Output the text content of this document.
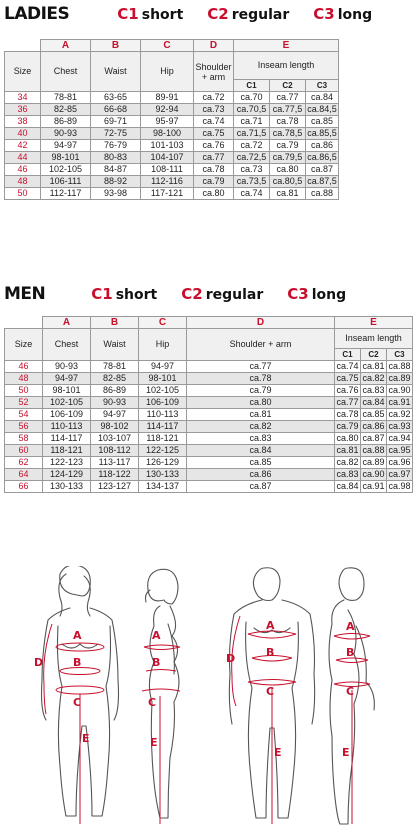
LADIES	C1 short C2 regular C3 long
	A	B	C	D	E		
Size	Chest	Waist	Hip	Shoulder + arm	Inseam length		
					C1	C2	C3
34	78-81	63-65	89-91	ca.72	ca.70	ca.77	ca.84
36	82-85	66-68	92-94	ca.73	ca.70,5	ca.77,5	ca.84,5
38	86-89	69-71	95-97	ca.74	ca.71	ca.78	ca.85
40	90-93	72-75	98-100	ca.75	ca.71,5	ca.78,5	ca.85,5
42	94-97	76-79	101-103	ca.76	ca.72	ca.79	ca.86
44	98-101	80-83	104-107	ca.77	ca.72,5	ca.79,5	ca.86,5
46	102-105	84-87	108-111	ca.78	ca.73	ca.80	ca.87
48	106-111	88-92	112-116	ca.79	ca.73,5	ca.80,5	ca.87,5
50	112-117	93-98	117-121	ca.80	ca.74	ca.81	ca.88
MEN	C1 short C2 regular C3 long
	A	B	C	D	E		
Size	Chest	Waist	Hip	Shoulder + arm	Inseam length		
					C1	C2	C3
46	90-93	78-81	94-97	ca.77	ca.74	ca.81	ca.88
48	94-97	82-85	98-101	ca.78	ca.75	ca.82	ca.89
50	98-101	86-89	102-105	ca.79	ca.76	ca.83	ca.90
52	102-105	90-93	106-109	ca.80	ca.77	ca.84	ca.91
54	106-109	94-97	110-113	ca.81	ca.78	ca.85	ca.92
56	110-113	98-102	114-117	ca.82	ca.79	ca.86	ca.93
58	114-117	103-107	118-121	ca.83	ca.80	ca.87	ca.94
60	118-121	108-112	122-125	ca.84	ca.81	ca.88	ca.95
62	122-123	113-117	126-129	ca.85	ca.82	ca.89	ca.96
64	124-129	118-122	130-133	ca.86	ca.83	ca.90	ca.97
66	130-133	123-127	134-137	ca.87	ca.84	ca.91	ca.98
A
B
C
D
E
A
B
C
E
A
B
C
D
E
A
B
C
E
